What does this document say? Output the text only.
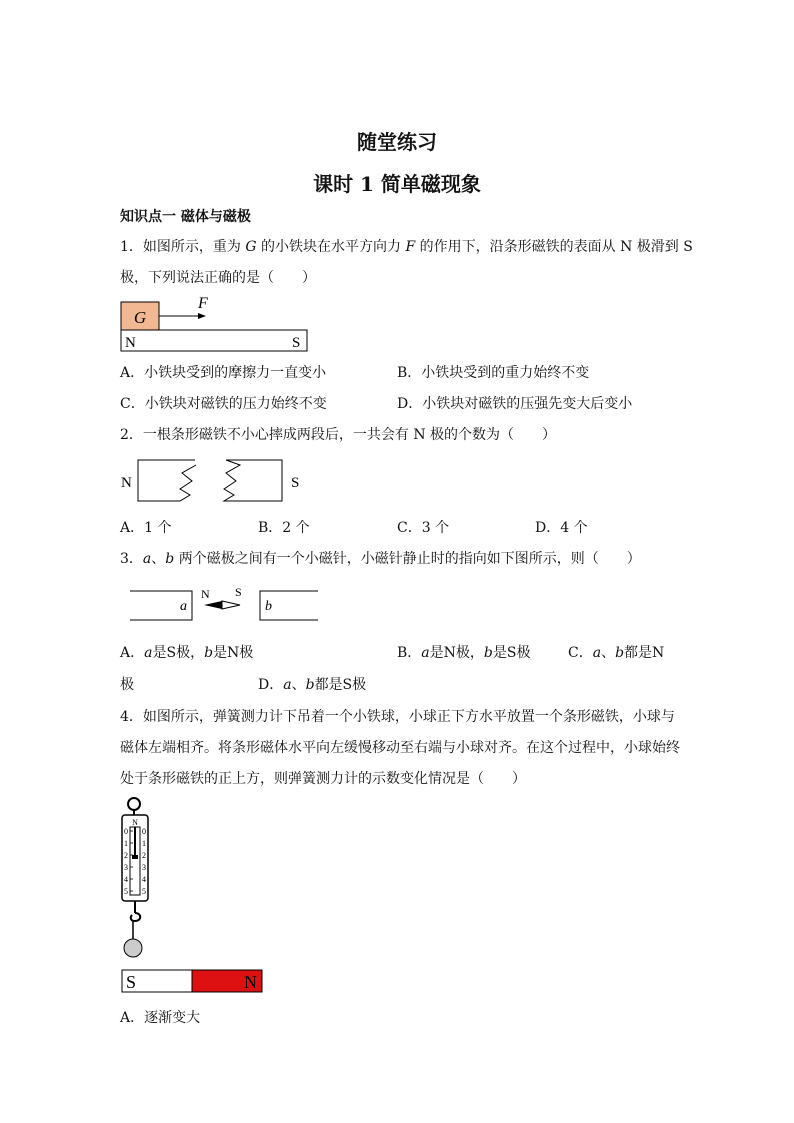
随堂练习
课时 1 简单磁现象
知识点一 磁体与磁极
1．如图所示，重为 G 的小铁块在水平方向力 F 的作用下，沿条形磁铁的表面从 N 极滑到 S
极，下列说法正确的是（　　）
G
F
N	S
A．小铁块受到的摩擦力一直变小	B．小铁块受到的重力始终不变
C．小铁块对磁铁的压力始终不变	D．小铁块对磁铁的压强先变大后变小
2．一根条形磁铁不小心摔成两段后，一共会有 N 极的个数为（　　）
N	S
A．1 个	B．2 个	C．3 个	D．4 个
3．a、b 两个磁极之间有一个小磁针，小磁针静止时的指向如下图所示，则（　　）
a
N S
b
A．a是S极，b是N极	B．a是N极，b是S极	C．a、b都是N
极	D．a、b都是S极
4．如图所示，弹簧测力计下吊着一个小铁球，小球正下方水平放置一个条形磁铁，小球与
磁体左端相齐。将条形磁体水平向左缓慢移动至右端与小球对齐。在这个过程中，小球始终
处于条形磁铁的正上方，则弹簧测力计的示数变化情况是（　　）
N
0 0
1 1
2 2
3 3
4 4
5 5
S	N
A．逐渐变大
